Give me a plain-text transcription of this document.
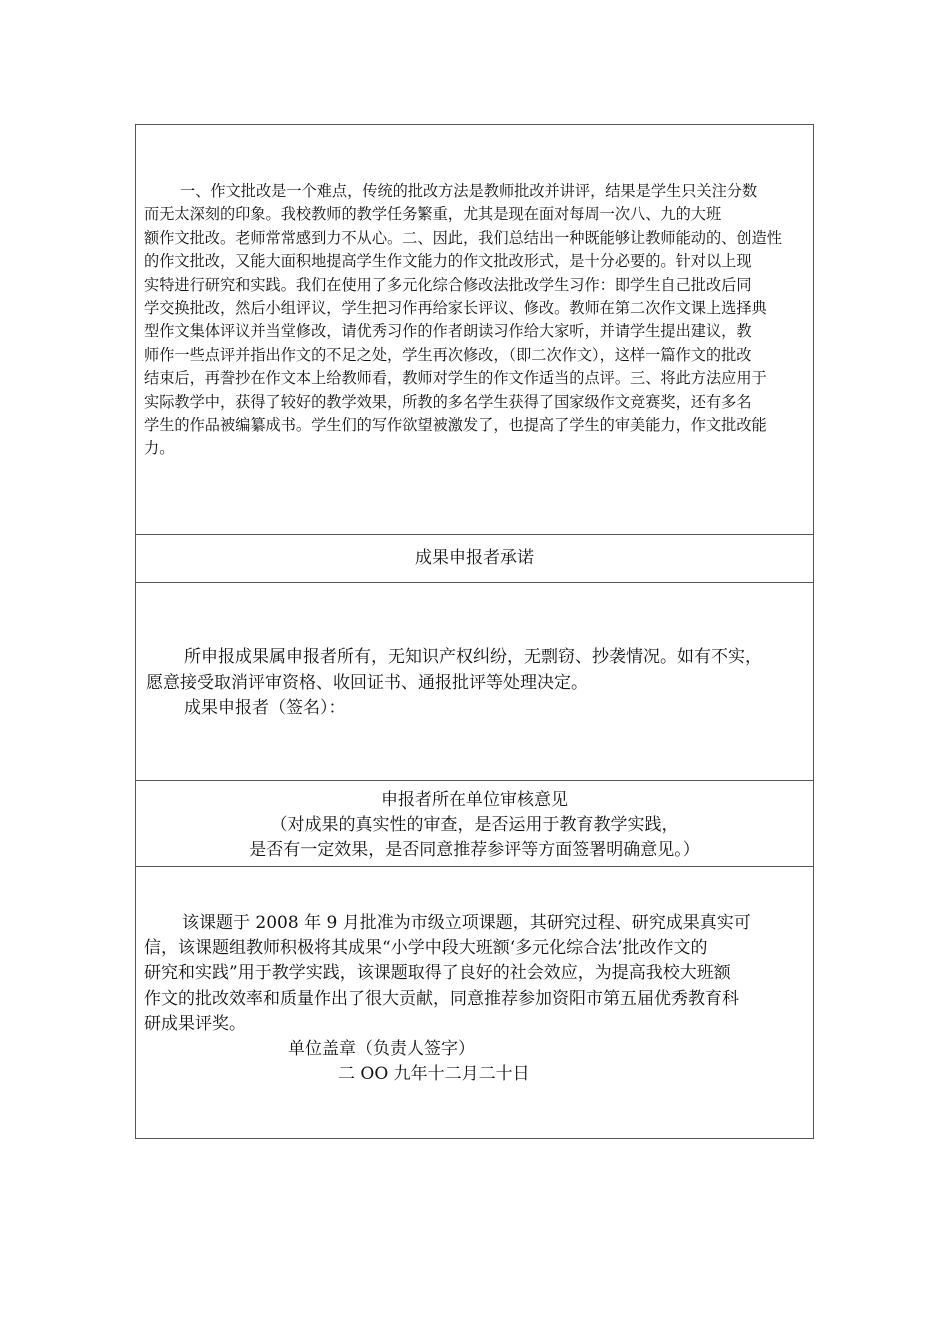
一、作文批改是一个难点，传统的批改方法是教师批改并讲评，结果是学生只关注分数
而无太深刻的印象。我校教师的教学任务繁重，尤其是现在面对每周一次八、九的大班
额作文批改。老师常常感到力不从心。二、因此，我们总结出一种既能够让教师能动的、创造性
的作文批改，又能大面积地提高学生作文能力的作文批改形式，是十分必要的。针对以上现
实特进行研究和实践。我们在使用了多元化综合修改法批改学生习作：即学生自己批改后同
学交换批改，然后小组评议，学生把习作再给家长评议、修改。教师在第二次作文课上选择典
型作文集体评议并当堂修改，请优秀习作的作者朗读习作给大家听，并请学生提出建议，教
师作一些点评并指出作文的不足之处，学生再次修改，（即二次作文），这样一篇作文的批改
结束后，再誊抄在作文本上给教师看，教师对学生的作文作适当的点评。三、将此方法应用于
实际教学中，获得了较好的教学效果，所教的多名学生获得了国家级作文竞赛奖，还有多名
学生的作品被编纂成书。学生们的写作欲望被激发了，也提高了学生的审美能力，作文批改能
力。
成果申报者承诺
所申报成果属申报者所有，无知识产权纠纷，无剽窃、抄袭情况。如有不实，
愿意接受取消评审资格、收回证书、通报批评等处理决定。
成果申报者（签名）：
申报者所在单位审核意见
（对成果的真实性的审查，是否运用于教育教学实践，
是否有一定效果，是否同意推荐参评等方面签署明确意见。）
该课题于 2008 年 9 月批准为市级立项课题，其研究过程、研究成果真实可
信，该课题组教师积极将其成果“小学中段大班额‘多元化综合法’批改作文的
研究和实践”用于教学实践，该课题取得了良好的社会效应，为提高我校大班额
作文的批改效率和质量作出了很大贡献，同意推荐参加资阳市第五届优秀教育科
研成果评奖。
单位盖章（负责人签字）
二 OO 九年十二月二十日
